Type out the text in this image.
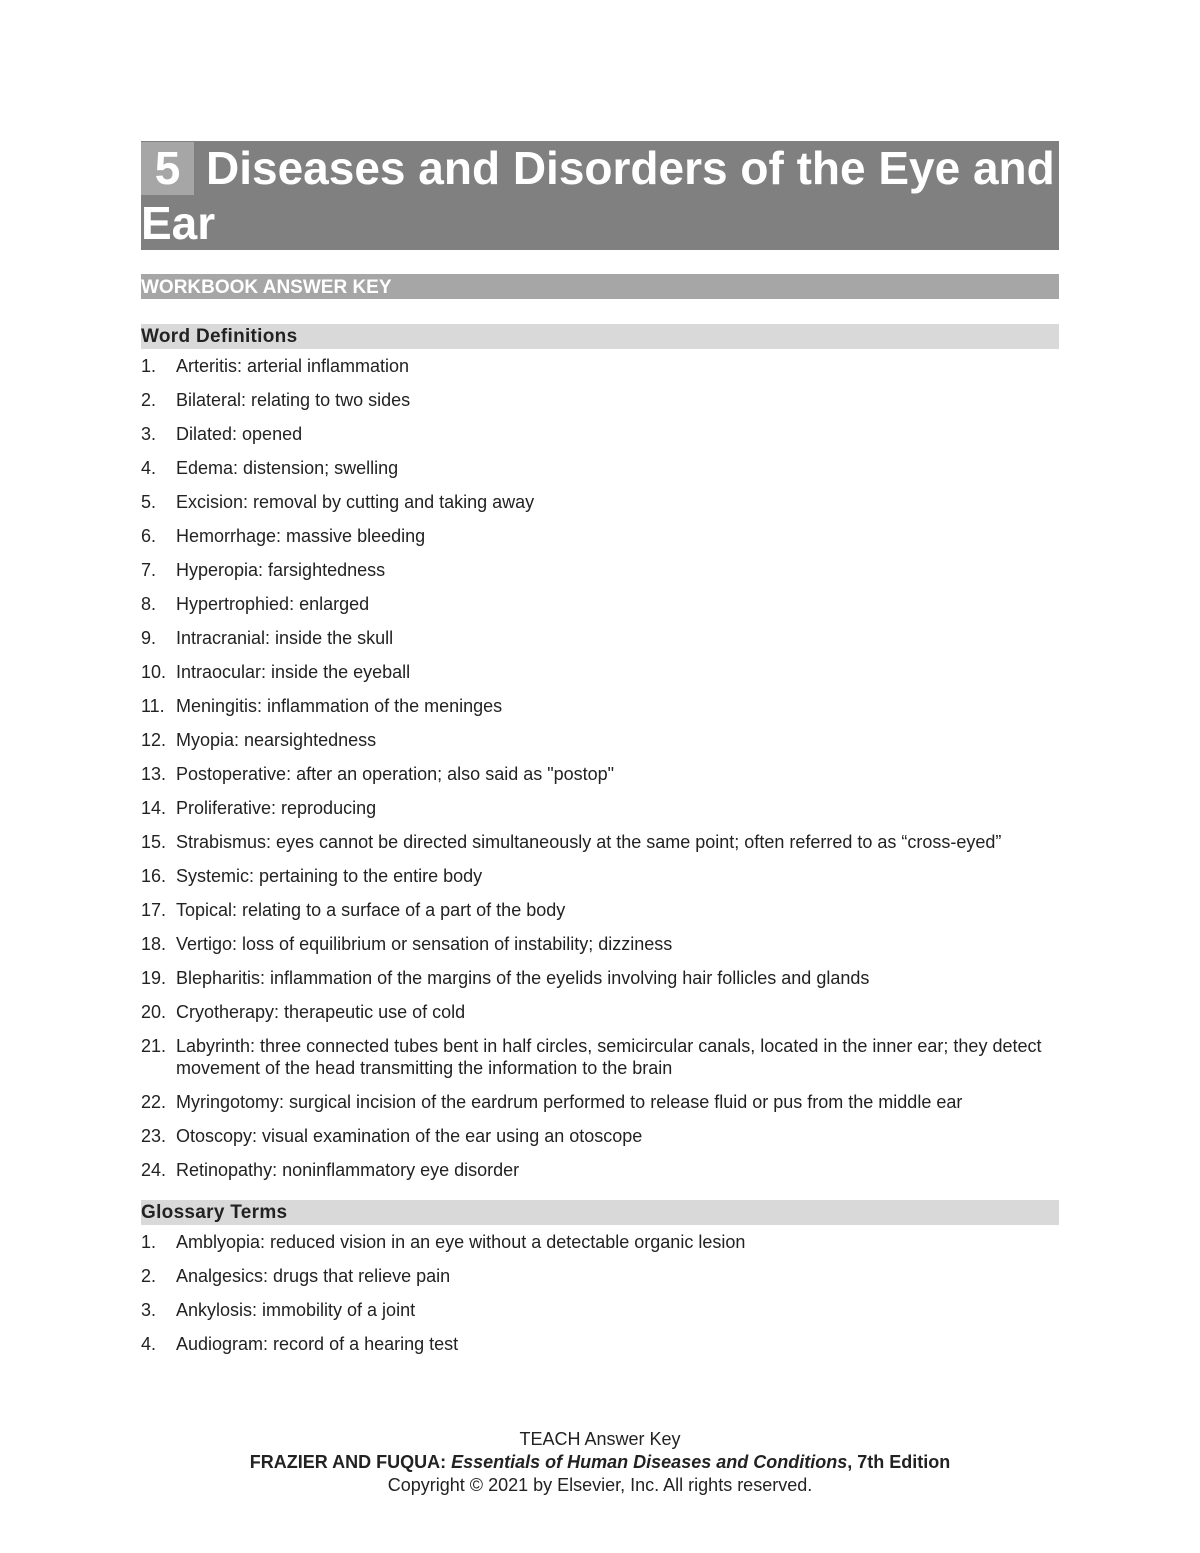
5 Diseases and Disorders of the Eye and Ear
WORKBOOK ANSWER KEY
Word Definitions
1.	Arteritis: arterial inflammation
2.	Bilateral: relating to two sides
3.	Dilated: opened
4.	Edema: distension; swelling
5.	Excision: removal by cutting and taking away
6.	Hemorrhage: massive bleeding
7.	Hyperopia: farsightedness
8.	Hypertrophied: enlarged
9.	Intracranial: inside the skull
10. Intraocular: inside the eyeball
11. Meningitis: inflammation of the meninges
12. Myopia: nearsightedness
13. Postoperative: after an operation; also said as "postop"
14. Proliferative: reproducing
15. Strabismus: eyes cannot be directed simultaneously at the same point; often referred to as “cross-eyed”
16. Systemic: pertaining to the entire body
17. Topical: relating to a surface of a part of the body
18. Vertigo: loss of equilibrium or sensation of instability; dizziness
19. Blepharitis: inflammation of the margins of the eyelids involving hair follicles and glands
20. Cryotherapy: therapeutic use of cold
21. Labyrinth: three connected tubes bent in half circles, semicircular canals, located in the inner ear; they detect movement of the head transmitting the information to the brain
22. Myringotomy: surgical incision of the eardrum performed to release fluid or pus from the middle ear
23. Otoscopy: visual examination of the ear using an otoscope
24. Retinopathy: noninflammatory eye disorder
Glossary Terms
1.	Amblyopia: reduced vision in an eye without a detectable organic lesion
2.	Analgesics: drugs that relieve pain
3.	Ankylosis: immobility of a joint
4.	Audiogram: record of a hearing test
TEACH Answer Key
FRAZIER AND FUQUA: Essentials of Human Diseases and Conditions, 7th Edition
Copyright © 2021 by Elsevier, Inc. All rights reserved.
